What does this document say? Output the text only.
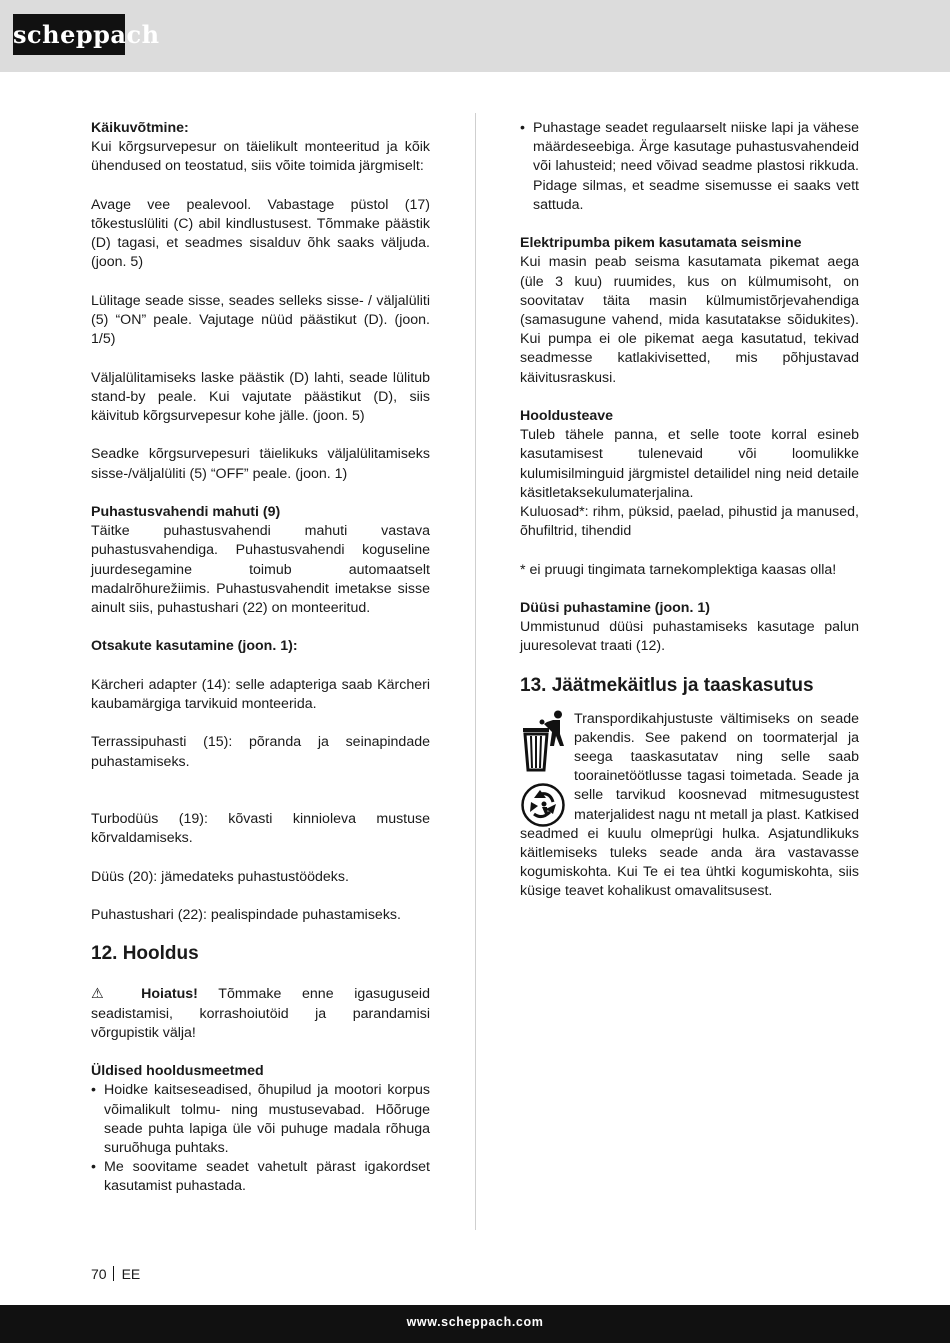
scheppach
Käikuvõtmine:

Kui kõrgsurvepesur on täielikult monteeritud ja kõik ühendused on teostatud, siis võite toimida järgmiselt:

Avage vee pealevool. Vabastage püstol (17) tõkestuslüliti (C) abil kindlustusest. Tõmmake päästik (D) tagasi, et seadmes sisalduv õhk saaks väljuda. (joon. 5)

Lülitage seade sisse, seades selleks sisse- / väljalüliti (5) “ON” peale. Vajutage nüüd päästikut (D). (joon. 1/5)

Väljalülitamiseks laske päästik (D) lahti, seade lülitub stand-by peale. Kui vajutate päästikut (D), siis käivitub kõrgsurvepesur kohe jälle. (joon. 5)

Seadke kõrgsurvepesuri täielikuks väljalülitamiseks sisse-/väljalüliti (5) “OFF” peale. (joon. 1)

Puhastusvahendi mahuti (9)

Täitke puhastusvahendi mahuti vastava puhastusvahendiga. Puhastusvahendi koguseline juurdesegamine toimub automaatselt madalrõhurežiimis. Puhastusvahendit imetakse sisse ainult siis, puhastushari (22) on monteeritud.

Otsakute kasutamine (joon. 1):

Kärcheri adapter (14): selle adapteriga saab Kärcheri kaubamärgiga tarvikuid monteerida.

Terrassipuhasti (15): põranda ja seinapindade puhastamiseks.

Turbodüüs (19): kõvasti kinnioleva mustuse kõrvaldamiseks.

Düüs (20): jämedateks puhastustöödeks.

Puhastushari (22): pealispindade puhastamiseks.

12. Hooldus

⚠ Hoiatus! Tõmmake enne igasuguseid seadistamisi, korrashoiutöid ja parandamisi võrgupistik välja!

Üldised hooldusmeetmed
• Hoidke kaitseseadised, õhupilud ja mootori korpus võimalikult tolmu- ning mustusevabad. Hõõruge seade puhta lapiga üle või puhuge madala rõhuga suruõhuga puhtaks.
• Me soovitame seadet vahetult pärast igakordset kasutamist puhastada.
• Puhastage seadet regulaarselt niiske lapi ja vähese määrdeseebiga. Ärge kasutage puhastusvahendeid või lahusteid; need võivad seadme plastosi rikkuda. Pidage silmas, et seadme sisemusse ei saaks vett sattuda.
Elektripumba pikem kasutamata seismine

Kui masin peab seisma kasutamata pikemat aega (üle 3 kuu) ruumides, kus on külmumisoht, on soovitatav täita masin külmumistõrjevahendiga (samasugune vahend, mida kasutatakse sõidukites). Kui pumpa ei ole pikemat aega kasutatud, tekivad seadmesse katlakivisetted, mis põhjustavad käivitusraskusi.

Hooldusteave

Tuleb tähele panna, et selle toote korral esineb kasutamisest tulenevaid või loomulikke kulumisilminguid järgmistel detailidel ning neid detaile käsitletaksekulumaterjalina.

Kuluosad*: rihm, püksid, paelad, pihustid ja manused, õhufiltrid, tihendid

* ei pruugi tingimata tarnekomplektiga kaasas olla!

Düüsi puhastamine (joon. 1)

Ummistunud düüsi puhastamiseks kasutage palun juuresolevat traati (12).

13. Jäätmekäitlus ja taaskasutus

Transpordikahjustuste vältimiseks on seade pakendis. See pakend on toormaterjal ja seega taaskasutatav ning selle saab toorainetöötlusse tagasi toimetada. Seade ja selle tarvikud koosnevad mitmesugustest materjalidest nagu nt metall ja plast. Katkised seadmed ei kuulu olmeprügi hulka. Asjatundlikuks käitlemiseks tuleks seade anda ära vastavasse kogumiskohta. Kui Te ei tea ühtki kogumiskohta, siis küsige teavet kohalikust omavalitsusest.

70 EE
www.scheppach.com
